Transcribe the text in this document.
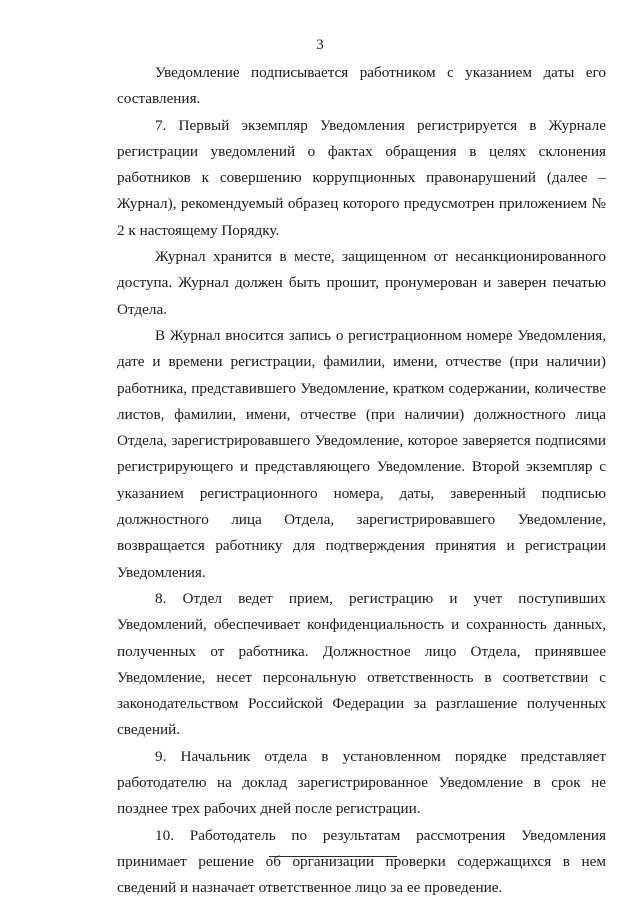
3

Уведомление подписывается работником с указанием даты его составления.

7. Первый экземпляр Уведомления регистрируется в Журнале регистрации уведомлений о фактах обращения в целях склонения работников к совершению коррупционных правонарушений (далее – Журнал), рекомендуемый образец которого предусмотрен приложением № 2 к настоящему Порядку.

Журнал хранится в месте, защищенном от несанкционированного доступа. Журнал должен быть прошит, пронумерован и заверен печатью Отдела.

В Журнал вносится запись о регистрационном номере Уведомления, дате и времени регистрации, фамилии, имени, отчестве (при наличии) работника, представившего Уведомление, кратком содержании, количестве листов, фамилии, имени, отчестве (при наличии) должностного лица Отдела, зарегистрировавшего Уведомление, которое заверяется подписями регистрирующего и представляющего Уведомление. Второй экземпляр с указанием регистрационного номера, даты, заверенный подписью должностного лица Отдела, зарегистрировавшего Уведомление, возвращается работнику для подтверждения принятия и регистрации Уведомления.

8. Отдел ведет прием, регистрацию и учет поступивших Уведомлений, обеспечивает конфиденциальность и сохранность данных, полученных от работника. Должностное лицо Отдела, принявшее Уведомление, несет персональную ответственность в соответствии с законодательством Российской Федерации за разглашение полученных сведений.

9. Начальник отдела в установленном порядке представляет работодателю на доклад зарегистрированное Уведомление в срок не позднее трех рабочих дней после регистрации.

10. Работодатель по результатам рассмотрения Уведомления принимает решение об организации проверки содержащихся в нем сведений и назначает ответственное лицо за ее проведение.
